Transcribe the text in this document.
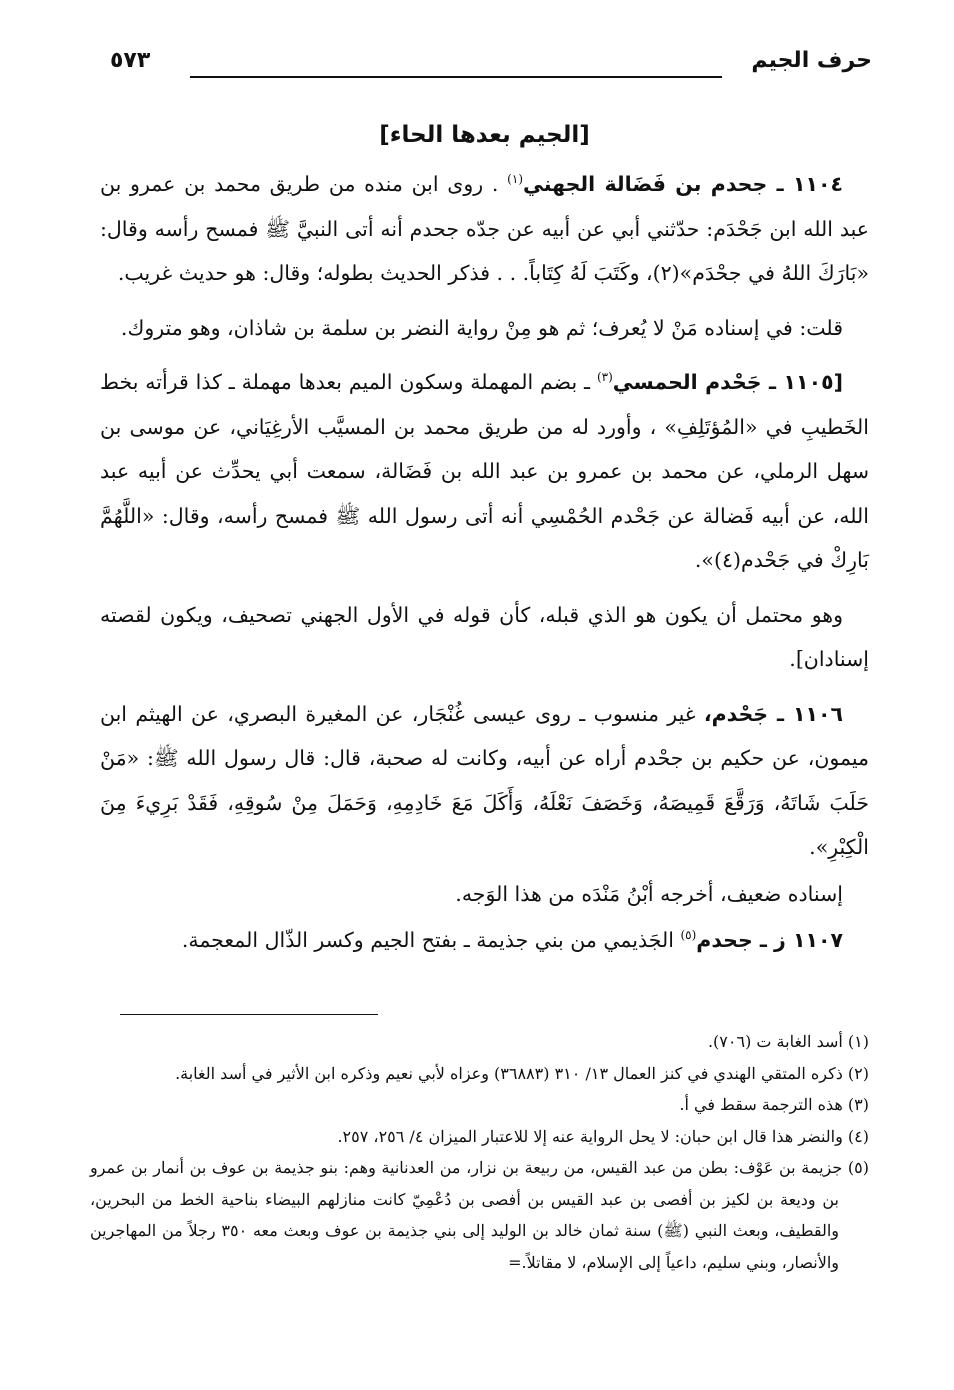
حرف الجيم
٥٧٣
[الجيم بعدها الحاء]

١١٠٤ ـ جحدم بن فَضَالة الجهني$^{(١)}$ . روى ابن منده من طريق محمد بن عمرو بن عبد الله ابن جَحْدَم: حدّثني أبي عن أبيه عن جدّه جحدم أنه أتى النبيَّ ﷺ فمسح رأسه وقال: «بَارَكَ اللهُ في جحْدَم»(٢)، وكَتَبَ لَهُ كِتَاباً. . . فذكر الحديث بطوله؛ وقال: هو حديث غريب.

قلت: في إسناده مَنْ لا يُعرف؛ ثم هو مِنْ رواية النضر بن سلمة بن شاذان، وهو متروك.

[١١٠٥ ـ جَحْدم الحمسي$^{(٣)}$ ـ بضم المهملة وسكون الميم بعدها مهملة ـ كذا قرأته بخط الخَطيبِ في «المُؤتَلِفِ» ، وأورد له من طريق محمد بن المسيَّب الأرغِيَاني، عن موسى بن سهل الرملي، عن محمد بن عمرو بن عبد الله بن فَضَالة، سمعت أبي يحدِّث عن أبيه عبد الله، عن أبيه فَضالة عن جَحْدم الحُمْسِي أنه أتى رسول الله ﷺ فمسح رأسه، وقال: «اللَّهُمَّ بَارِكْ في جَحْدم(٤)».

وهو محتمل أن يكون هو الذي قبله، كأن قوله في الأول الجهني تصحيف، ويكون لقصته إسنادان].

١١٠٦ ـ جَحْدم، غير منسوب ـ روى عيسى غُنْجَار، عن المغيرة البصري، عن الهيثم ابن ميمون، عن حكيم بن جحْدم أراه عن أبيه، وكانت له صحبة، قال: قال رسول الله ﷺ: «مَنْ حَلَبَ شَاتَهُ، وَرَقَّعَ قَمِيصَهُ، وَخَصَفَ نَعْلَهُ، وَأَكَلَ مَعَ خَادِمِهِ، وَحَمَلَ مِنْ سُوقِهِ، فَقَدْ بَرِيءَ مِنَ الْكِبْرِ».

إسناده ضعيف، أخرجه أبْنُ مَنْدَه من هذا الوَجه.

١١٠٧ ز ـ جحدم$^{(٥)}$ الجَذيمي من بني جذيمة ـ بفتح الجيم وكسر الذّال المعجمة.

(١) أسد الغابة ت (٧٠٦).

(٢) ذكره المتقي الهندي في كنز العمال ١٣/ ٣١٠ (٣٦٨٨٣) وعزاه لأبي نعيم وذكره ابن الأثير في أسد الغابة.

(٣) هذه الترجمة سقط في أ.

(٤) والنضر هذا قال ابن حبان: لا يحل الرواية عنه إلا للاعتبار الميزان ٤/ ٢٥٦، ٢٥٧.

(٥) جزيمة بن عَوْف: بطن من عبد القيس، من ربيعة بن نزار، من العدنانية وهم: بنو جذيمة بن عوف بن أنمار بن عمرو بن وديعة بن لكيز بن أفصى بن عبد القيس بن أفصى بن دُعْمِيّ كانت منازلهم البيضاء بناحية الخط من البحرين، والقطيف، وبعث النبي (ﷺ) سنة ثمان خالد بن الوليد إلى بني جذيمة بن عوف وبعث معه ٣٥٠ رجلاً من المهاجرين والأنصار، وبني سليم، داعياً إلى الإسلام، لا مقاتلاً.=
